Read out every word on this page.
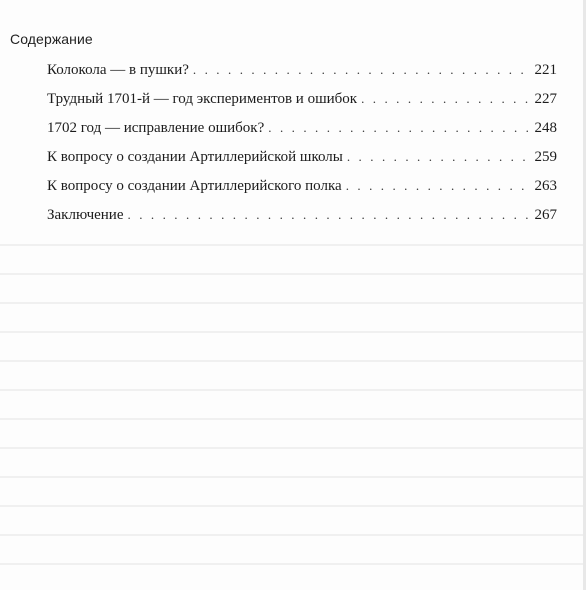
Содержание
Колокола — в пушки? . . .	221
Трудный 1701-й — год экспериментов и ошибок . . .	227
1702 год — исправление ошибок? . . .	248
К вопросу о создании Артиллерийской школы . . .	259
К вопросу о создании Артиллерийского полка . . .	263
Заключение . . .	267
